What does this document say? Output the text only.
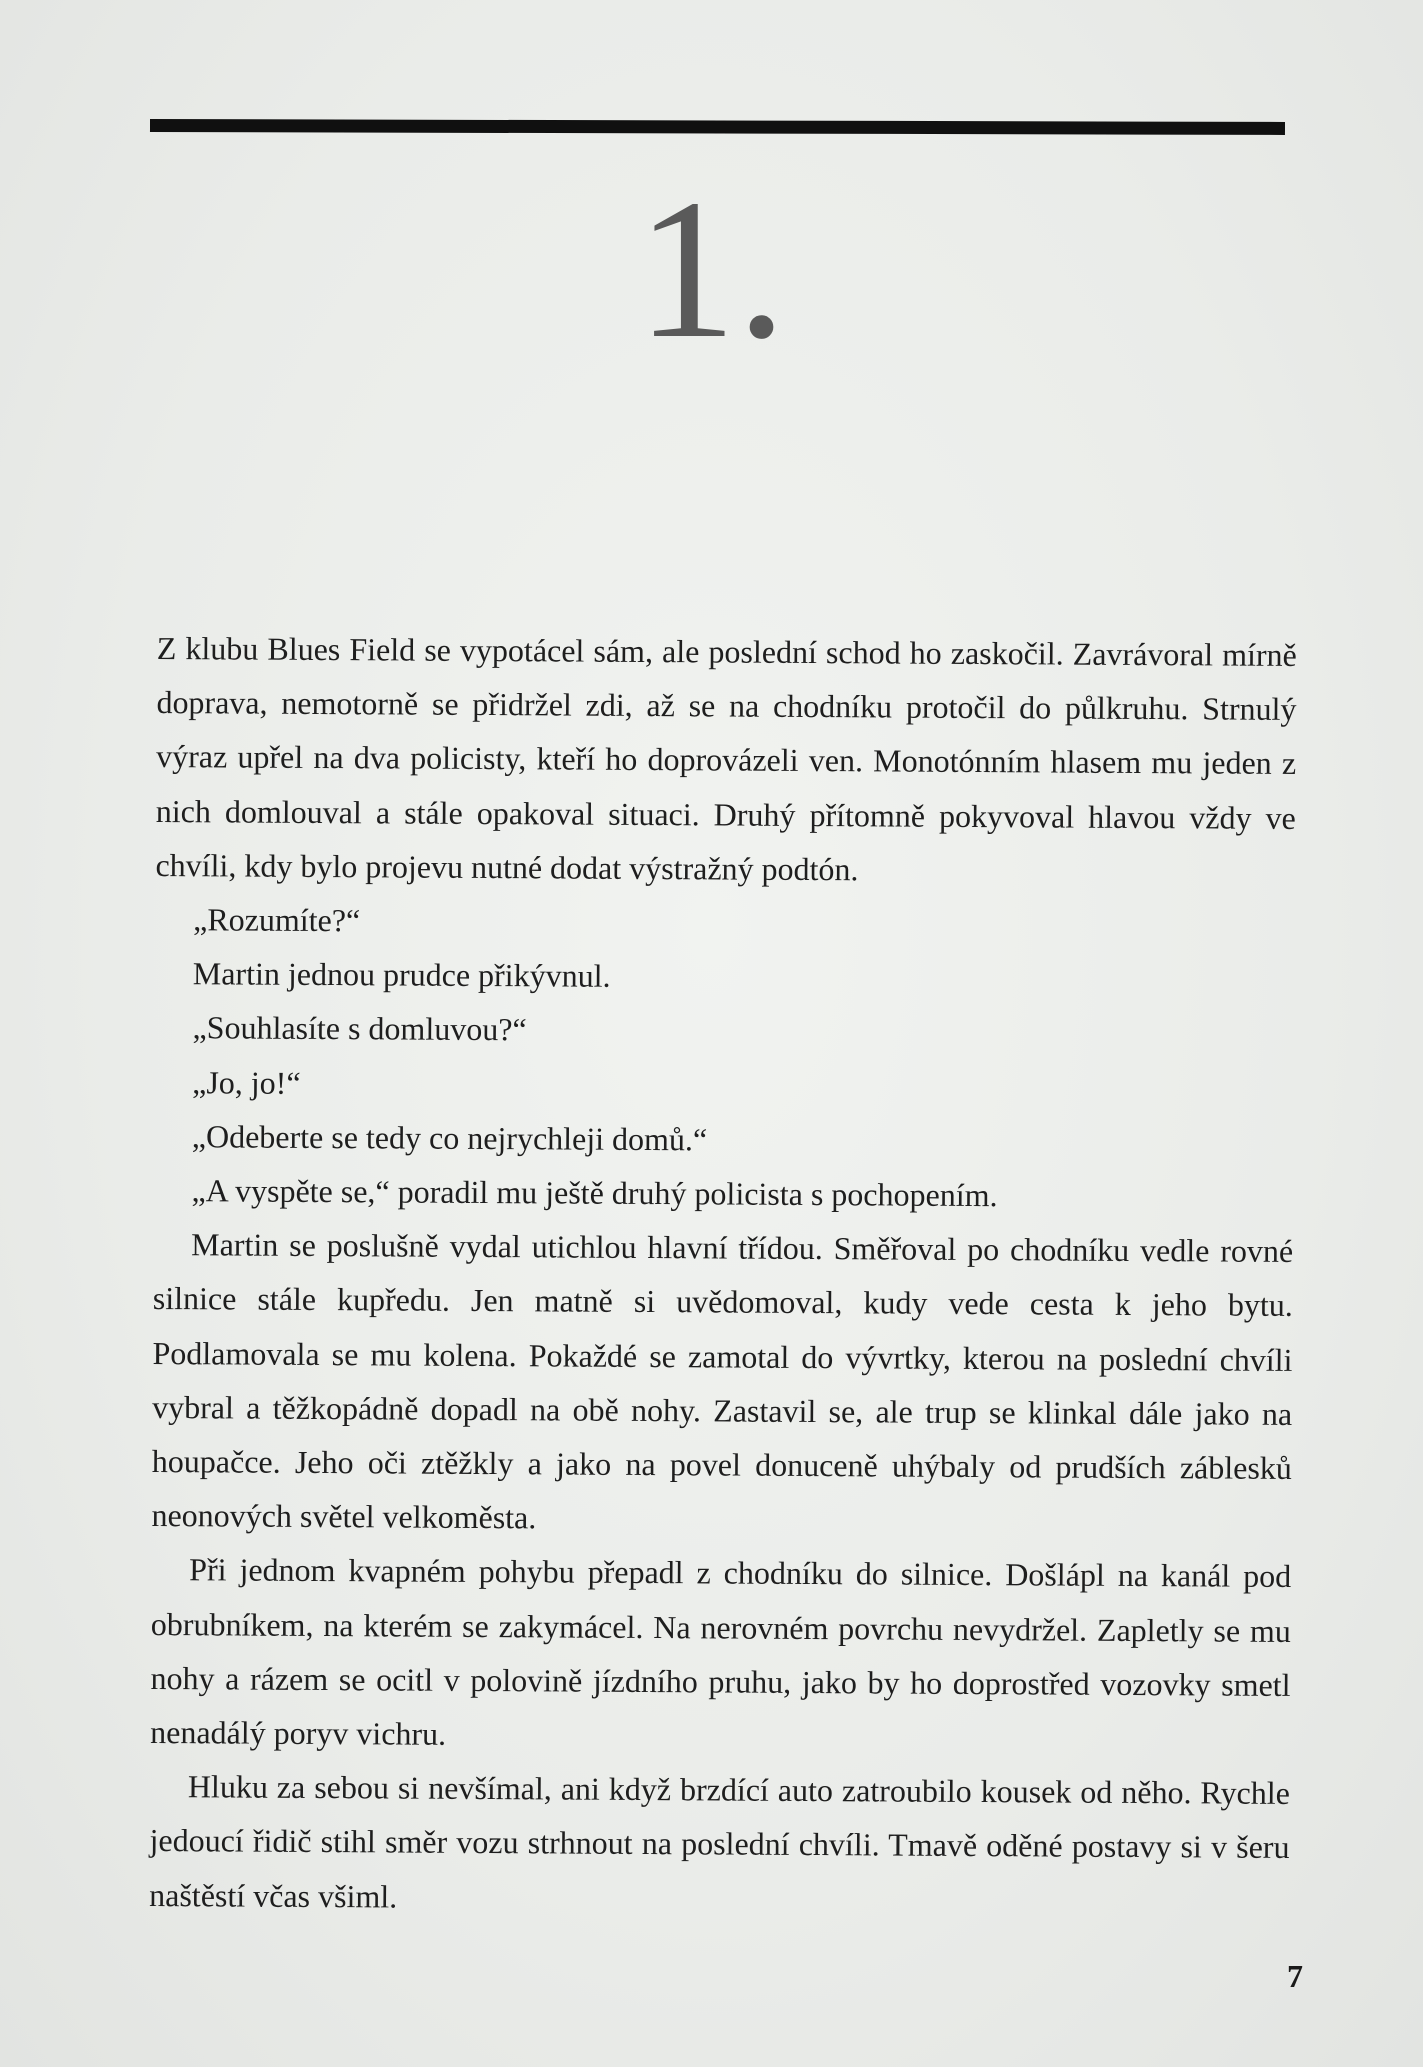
1.

Z klubu Blues Field se vypotácel sám, ale poslední schod ho zaskočil. Zavrávoral mírně doprava, nemotorně se přidržel zdi, až se na chodníku protočil do půlkruhu. Strnulý výraz upřel na dva policisty, kteří ho doprovázeli ven. Monotónním hlasem mu jeden z nich domlouval a stále opakoval situaci. Druhý přítomně pokyvoval hlavou vždy ve chvíli, kdy bylo projevu nutné dodat výstražný podtón.

„Rozumíte?“

Martin jednou prudce přikývnul.

„Souhlasíte s domluvou?“

„Jo, jo!“

„Odeberte se tedy co nejrychleji domů.“

„A vyspěte se,“ poradil mu ještě druhý policista s pochopením.

Martin se poslušně vydal utichlou hlavní třídou. Směřoval po chodníku vedle rovné silnice stále kupředu. Jen matně si uvědomoval, kudy vede cesta k jeho bytu. Podlamovala se mu kolena. Pokaždé se zamotal do vývrtky, kterou na poslední chvíli vybral a těžkopádně dopadl na obě nohy. Zastavil se, ale trup se klinkal dále jako na houpačce. Jeho oči ztěžkly a jako na povel donuceně uhýbaly od prudších záblesků neonových světel velkoměsta.

Při jednom kvapném pohybu přepadl z chodníku do silnice. Došlápl na kanál pod obrubníkem, na kterém se zakymácel. Na nerovném povrchu nevydržel. Zapletly se mu nohy a rázem se ocitl v polovině jízdního pruhu, jako by ho doprostřed vozovky smetl nenadálý poryv vichru.

Hluku za sebou si nevšímal, ani když brzdící auto zatroubilo kousek od něho. Rychle jedoucí řidič stihl směr vozu strhnout na poslední chvíli. Tmavě oděné postavy si v šeru naštěstí včas všiml.

7
